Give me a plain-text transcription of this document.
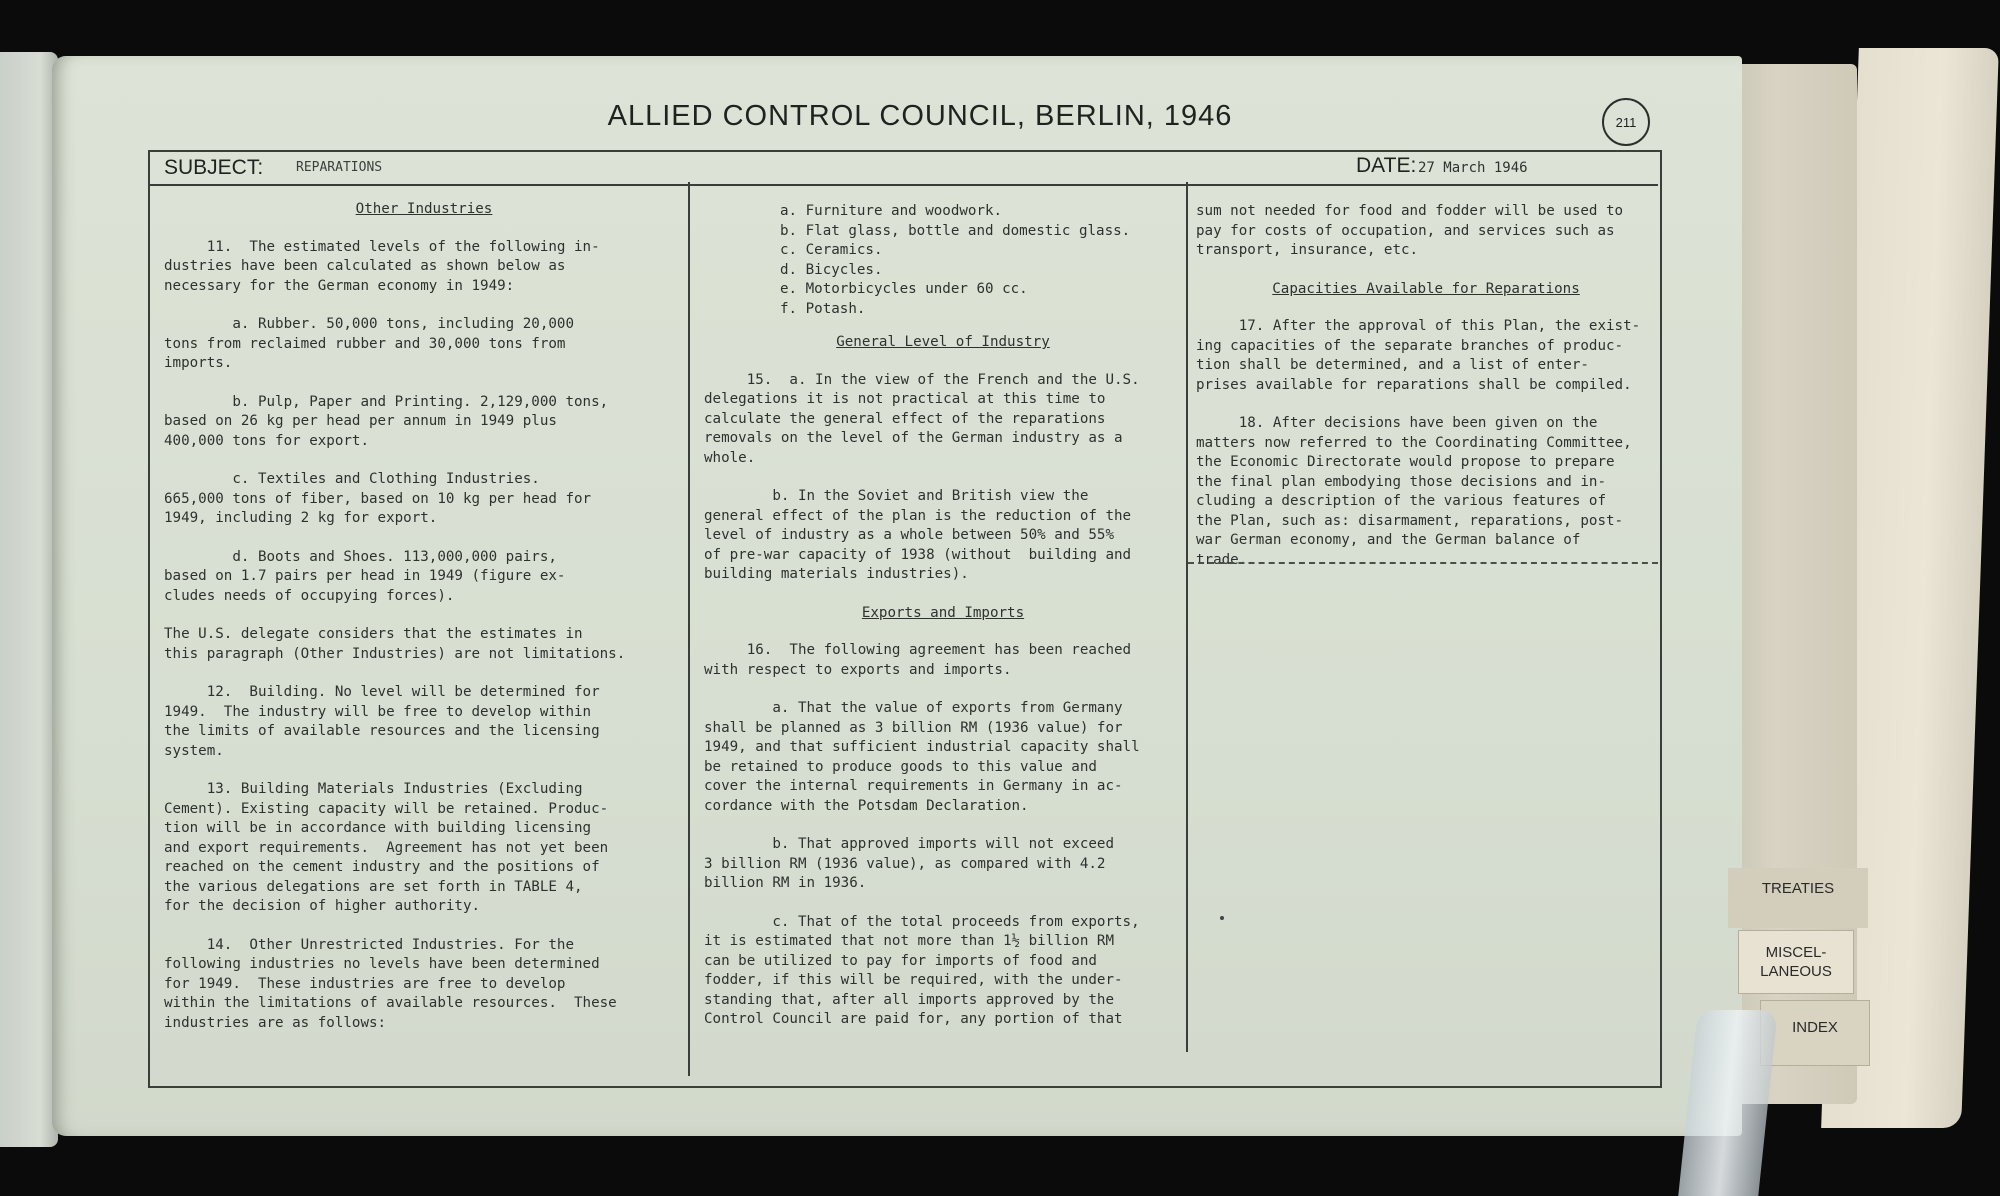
ALLIED CONTROL COUNCIL, BERLIN, 1946	211
SUBJECT:	REPARATIONS	DATE: 27 March 1946
Other Industries

11.  The estimated levels of the following in-
dustries have been calculated as shown below as
necessary for the German economy in 1949:

a. Rubber. 50,000 tons, including 20,000
tons from reclaimed rubber and 30,000 tons from
imports.

b. Pulp, Paper and Printing. 2,129,000 tons,
based on 26 kg per head per annum in 1949 plus
400,000 tons for export.

c. Textiles and Clothing Industries.
665,000 tons of fiber, based on 10 kg per head for
1949, including 2 kg for export.

d. Boots and Shoes. 113,000,000 pairs,
based on 1.7 pairs per head in 1949 (figure ex-
cludes needs of occupying forces).

The U.S. delegate considers that the estimates in
this paragraph (Other Industries) are not limitations.

12.  Building. No level will be determined for
1949.  The industry will be free to develop within
the limits of available resources and the licensing
system.

13. Building Materials Industries (Excluding
Cement). Existing capacity will be retained. Produc-
tion will be in accordance with building licensing
and export requirements.  Agreement has not yet been
reached on the cement industry and the positions of
the various delegations are set forth in TABLE 4,
for the decision of higher authority.

14.  Other Unrestricted Industries. For the
following industries no levels have been determined
for 1949.  These industries are free to develop
within the limitations of available resources.  These
industries are as follows:

a. Furniture and woodwork.
b. Flat glass, bottle and domestic glass.
c. Ceramics.
d. Bicycles.
e. Motorbicycles under 60 cc.
f. Potash.
General Level of Industry

15.  a. In the view of the French and the U.S.
delegations it is not practical at this time to
calculate the general effect of the reparations
removals on the level of the German industry as a
whole.

b. In the Soviet and British view the
general effect of the plan is the reduction of the
level of industry as a whole between 50% and 55%
of pre-war capacity of 1938 (without  building and
building materials industries).

Exports and Imports

16.  The following agreement has been reached
with respect to exports and imports.

a. That the value of exports from Germany
shall be planned as 3 billion RM (1936 value) for
1949, and that sufficient industrial capacity shall
be retained to produce goods to this value and
cover the internal requirements in Germany in ac-
cordance with the Potsdam Declaration.

b. That approved imports will not exceed
3 billion RM (1936 value), as compared with 4.2
billion RM in 1936.

c. That of the total proceeds from exports,
it is estimated that not more than 1½ billion RM
can be utilized to pay for imports of food and
fodder, if this will be required, with the under-
standing that, after all imports approved by the
Control Council are paid for, any portion of that

sum not needed for food and fodder will be used to
pay for costs of occupation, and services such as
transport, insurance, etc.

Capacities Available for Reparations

17. After the approval of this Plan, the exist-
ing capacities of the separate branches of produc-
tion shall be determined, and a list of enter-
prises available for reparations shall be compiled.

18. After decisions have been given on the
matters now referred to the Coordinating Committee,
the Economic Directorate would propose to prepare
the final plan embodying those decisions and in-
cluding a description of the various features of
the Plan, such as: disarmament, reparations, post-
war German economy, and the German balance of
trade.

TREATIES
MISCEL-
LANEOUS
INDEX
